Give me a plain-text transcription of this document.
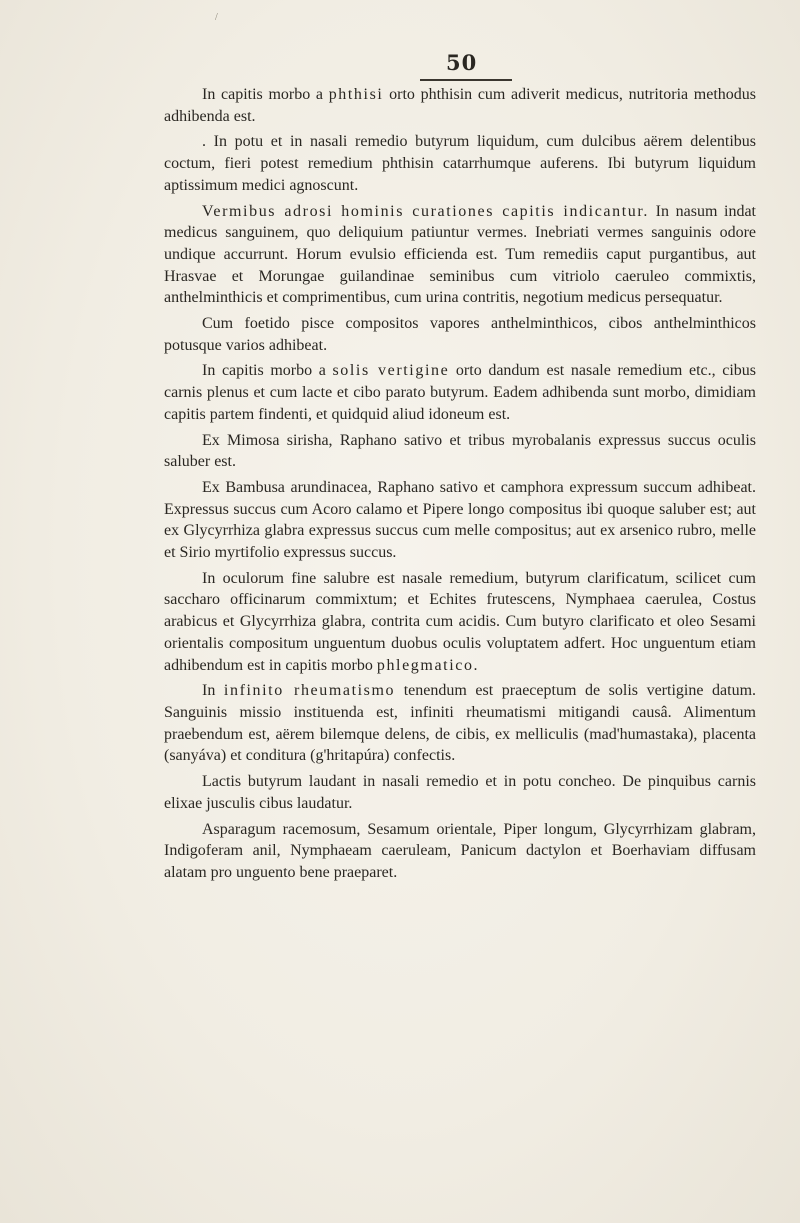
/
50

In capitis morbo a phthisi orto phthisin cum adiverit medicus, nutritoria methodus adhibenda est.

. In potu et in nasali remedio butyrum liquidum, cum dulcibus aërem delentibus coctum, fieri potest remedium phthisin catarrhumque auferens. Ibi butyrum liquidum aptissimum medici agnoscunt.

Vermibus adrosi hominis curationes capitis indicantur. In nasum indat medicus sanguinem, quo deliquium patiuntur vermes. Inebriati vermes sanguinis odore undique accurrunt. Horum evulsio efficienda est. Tum remediis caput purgantibus, aut Hrasvae et Morungae guilandinae seminibus cum vitriolo caeruleo commixtis, anthelminthicis et comprimentibus, cum urina contritis, negotium medicus persequatur.

Cum foetido pisce compositos vapores anthelminthicos, cibos anthelminthicos potusque varios adhibeat.

In capitis morbo a solis vertigine orto dandum est nasale remedium etc., cibus carnis plenus et cum lacte et cibo parato butyrum. Eadem adhibenda sunt morbo, dimidiam capitis partem findenti, et quidquid aliud idoneum est.

Ex Mimosa sirisha, Raphano sativo et tribus myrobalanis expressus succus oculis saluber est.

Ex Bambusa arundinacea, Raphano sativo et camphora expressum succum adhibeat. Expressus succus cum Acoro calamo et Pipere longo compositus ibi quoque saluber est; aut ex Glycyrrhiza glabra expressus succus cum melle compositus; aut ex arsenico rubro, melle et Sirio myrtifolio expressus succus.

In oculorum fine salubre est nasale remedium, butyrum clarificatum, scilicet cum saccharo officinarum commixtum; et Echites frutescens, Nymphaea caerulea, Costus arabicus et Glycyrrhiza glabra, contrita cum acidis. Cum butyro clarificato et oleo Sesami orientalis compositum unguentum duobus oculis voluptatem adfert. Hoc unguentum etiam adhibendum est in capitis morbo phlegmatico.

In infinito rheumatismo tenendum est praeceptum de solis vertigine datum. Sanguinis missio instituenda est, infiniti rheumatismi mitigandi causâ. Alimentum praebendum est, aërem bilemque delens, de cibis, ex melliculis (mad'humastaka), placenta (sanyáva) et conditura (g'hritapúra) confectis.

Lactis butyrum laudant in nasali remedio et in potu concheo. De pinquibus carnis elixae jusculis cibus laudatur.

Asparagum racemosum, Sesamum orientale, Piper longum, Glycyrrhizam glabram, Indigoferam anil, Nymphaeam caeruleam, Panicum dactylon et Boerhaviam diffusam alatam pro unguento bene praeparet.
